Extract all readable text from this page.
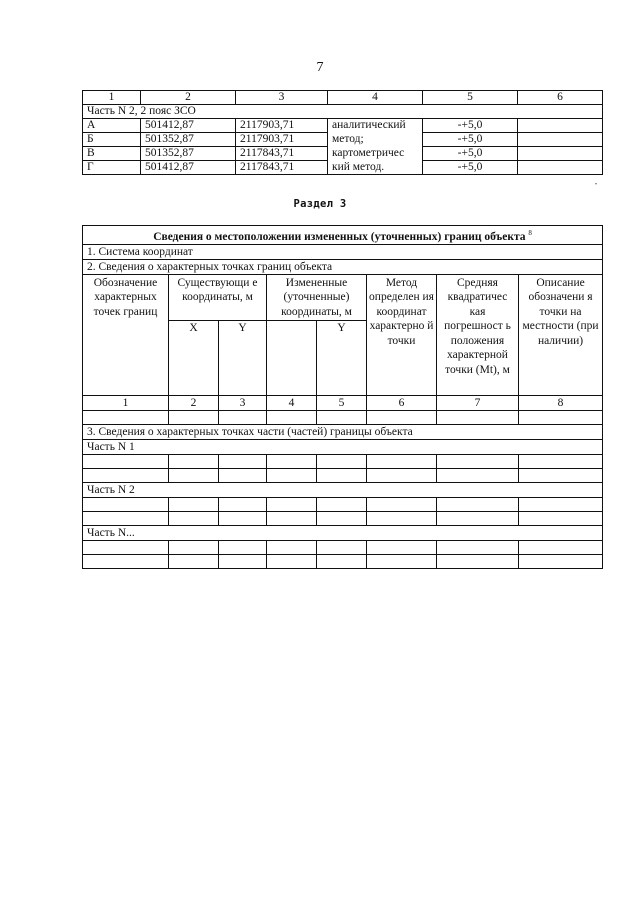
7
1	2	3	4	5	6
Часть N 2, 2 пояс ЗСО					
А	501412,87	2117903,71	аналитический	-+5,0	
Б	501352,87	2117903,71	метод;	-+5,0	
В	501352,87	2117843,71	картометричес	-+5,0	
Г	501412,87	2117843,71	кий метод.	-+5,0	
"
Раздел 3
Сведения о местоположении измененных (уточненных) границ объекта $^8$
1. Система координат							
2. Сведения о характерных точках границ объекта							
Обозначение характерных точек границ	Существующи е координаты, м		Измененные (уточненные) координаты, м		Метод определен ия координат характерно й точки	Средняя квадратичес кая погрешност ь положения характерной точки (Mt), м	Описание обозначени я точки на местности (при наличии)
	X	Y		Y			
1	2	3	4	5	6	7	8

3. Сведения о характерных точках части (частей) границы объекта							
Часть N 1							

Часть N 2							

Часть N...							
